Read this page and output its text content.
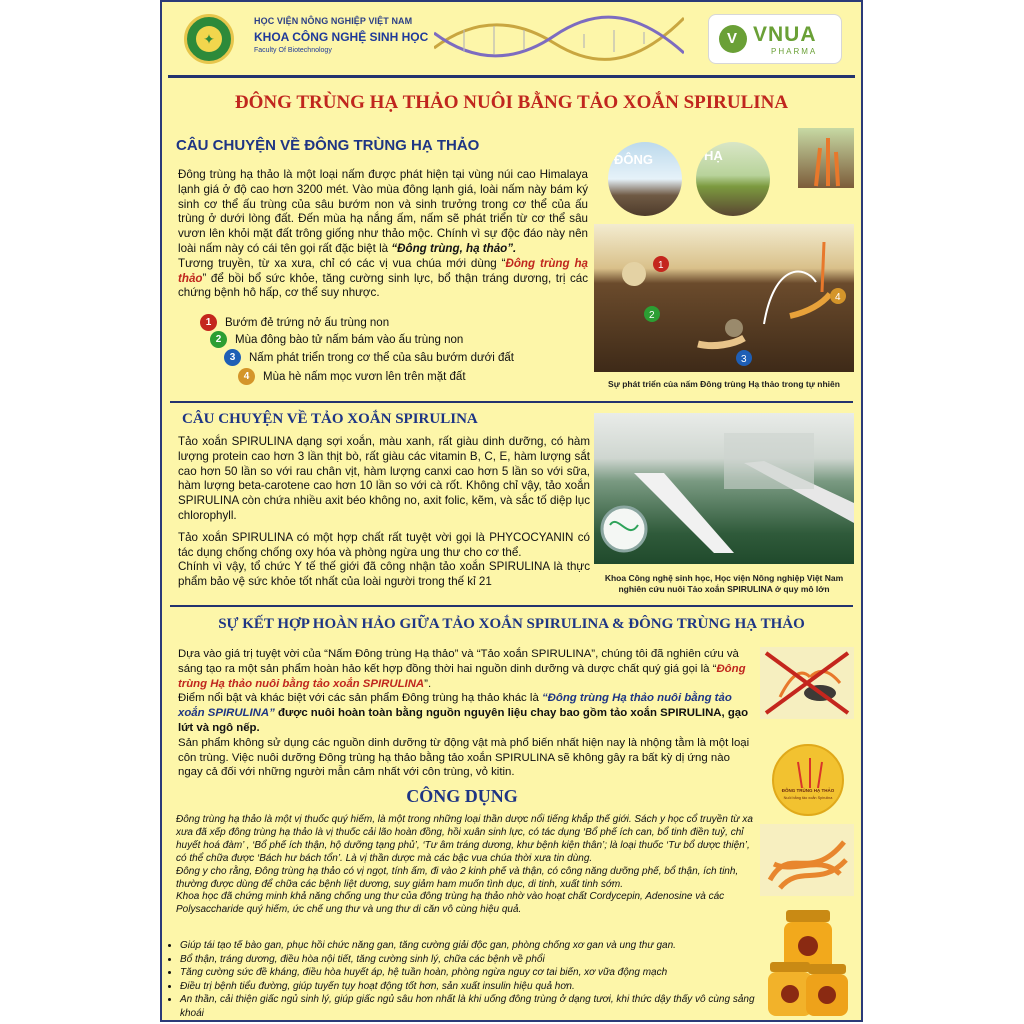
✦
HỌC VIỆN NÔNG NGHIỆP VIỆT NAM
KHOA CÔNG NGHỆ SINH HỌC
Faculty Of Biotechnology
V VNUA
PHARMA
ĐÔNG TRÙNG HẠ THẢO NUÔI BẰNG TẢO XOẮN SPIRULINA
CÂU CHUYỆN VỀ ĐÔNG TRÙNG HẠ THẢO
Đông trùng hạ thảo là một loại nấm được phát hiện tại vùng núi cao Himalaya lạnh giá ở độ cao hơn 3200 mét. Vào mùa đông lạnh giá, loài nấm này bám ký sinh cơ thể ấu trùng của sâu bướm non và sinh trưởng trong cơ thể của ấu trùng ở dưới lòng đất. Đến mùa hạ nắng ấm, nấm sẽ phát triển từ cơ thể sâu vươn lên khỏi mặt đất trông giống như thảo mộc. Chính vì sự độc đáo này nên loài nấm này có cái tên gọi rất đặc biệt là “Đông trùng, hạ thảo”.
Tương truyền, từ xa xưa, chỉ có các vị vua chúa mới dùng “Đông trùng hạ thảo” để bồi bổ sức khỏe, tăng cường sinh lực, bổ thận tráng dương, trị các chứng bệnh hô hấp, cơ thể suy nhược.
1 Bướm đẻ trứng nở ấu trùng non
2 Mùa đông bào tử nấm bám vào ấu trùng non
3 Nấm phát triển trong cơ thể của sâu bướm dưới đất
4 Mùa hè nấm mọc vươn lên trên mặt đất
ĐÔNG	HẠ
1
2
3
4
Sự phát triển của nấm Đông trùng Hạ thảo trong tự nhiên
CÂU CHUYỆN VỀ TẢO XOẮN SPIRULINA
Tảo xoắn SPIRULINA dạng sợi xoắn, màu xanh, rất giàu dinh dưỡng, có hàm lượng protein cao hơn 3 lần thịt bò, rất giàu các vitamin B, C, E, hàm lượng sắt cao hơn 50 lần so với rau chân vịt, hàm lượng canxi cao hơn 5 lần so với sữa, hàm lượng beta-carotene cao hơn 10 lần so với cà rốt. Không chỉ vậy, tảo xoắn SPIRULINA còn chứa nhiều axit béo không no, axit folic, kẽm, và sắc tố diệp lục chlorophyll.
Tảo xoắn SPIRULINA có một hợp chất rất tuyệt vời gọi là PHYCOCYANIN có tác dụng chống chống oxy hóa và phòng ngừa ung thư cho cơ thể.
Chính vì vậy, tổ chức Y tế thế giới đã công nhận tảo xoắn SPIRULINA là thực phẩm bảo vệ sức khỏe tốt nhất của loài người trong thế kỉ 21	Khoa Công nghệ sinh học, Học viện Nông nghiệp Việt Nam
nghiên cứu nuôi Tảo xoắn SPIRULINA ở quy mô lớn
SỰ KẾT HỢP HOÀN HẢO GIỮA TẢO XOẮN SPIRULINA & ĐÔNG TRÙNG HẠ THẢO
Dựa vào giá trị tuyệt vời của “Nấm Đông trùng Hạ thảo” và “Tảo xoắn SPIRULINA”, chúng tôi đã nghiên cứu và sáng tạo ra một sản phẩm hoàn hảo kết hợp đồng thời hai nguồn dinh dưỡng và dược chất quý giá gọi là “Đông trùng Hạ thảo nuôi bằng tảo xoắn SPIRULINA”.
Điểm nổi bật và khác biệt với các sản phẩm Đông trùng hạ thảo khác là “Đông trùng Hạ thảo nuôi bằng tảo xoắn SPIRULINA” được nuôi hoàn toàn bằng nguồn nguyên liệu chay bao gồm tảo xoắn SPIRULINA, gạo lứt và ngô nếp.
Sản phẩm không sử dụng các nguồn dinh dưỡng từ động vật mà phổ biến nhất hiện nay là nhộng tằm là một loại côn trùng. Việc nuôi dưỡng Đông trùng hạ thảo bằng tảo xoắn SPIRULINA sẽ không gây ra bất kỳ dị ứng nào ngay cả đối với những người mẫn cảm nhất với côn trùng, vỏ kitin.
ĐÔNG TRÙNG HẠ THẢO
Nuôi bằng tảo xoắn Spirulina
CÔNG DỤNG
Đông trùng hạ thảo là một vị thuốc quý hiếm, là một trong những loại thần dược nổi tiếng khắp thế giới. Sách y học cổ truyền từ xa xưa đã xếp đông trùng hạ thảo là vị thuốc cải lão hoàn đồng, hồi xuân sinh lực, có tác dụng ‘Bổ phế ích can, bổ tinh điền tuỷ, chỉ huyết hoá đàm’ , ‘Bổ phế ích thận, hộ dưỡng tạng phủ’, ‘Tư âm tráng dương, khư bệnh kiện thân’; là loại thuốc ‘Tư bổ dược thiện’, có thể chữa được ‘Bách hư bách tổn’. Là vị thần dược mà các bậc vua chúa thời xưa tin dùng.
Đông y cho rằng, Đông trùng hạ thảo có vị ngọt, tính ấm, đi vào 2 kinh phế và thận, có công năng dưỡng phế, bổ thận, ích tinh, thường được dùng để chữa các bệnh liệt dương, suy giảm ham muốn tình dục, di tinh, xuất tinh sớm.
Khoa học đã chứng minh khả năng chống ung thư của đông trùng hạ thảo nhờ vào hoạt chất Cordycepin, Adenosine và các Polysaccharide quý hiếm, ức chế ung thư và ung thư di căn vô cùng hiệu quả.
• Giúp tái tạo tế bào gan, phục hồi chức năng gan, tăng cường giải độc gan, phòng chống xơ gan và ung thư gan.
• Bổ thận, tráng dương, điều hòa nội tiết, tăng cường sinh lý, chữa các bệnh về phổi
• Tăng cường sức đề kháng, điều hòa huyết áp, hệ tuần hoàn, phòng ngừa nguy cơ tai biến, xơ vữa động mạch
• Điều trị bệnh tiểu đường, giúp tuyến tụy hoạt động tốt hơn, sản xuất insulin hiệu quả hơn.
• An thần, cải thiện giấc ngủ sinh lý, giúp giấc ngủ sâu hơn nhất là khi uống đông trùng ở dạng tươi, khi thức dậy thấy vô cùng sảng khoái
